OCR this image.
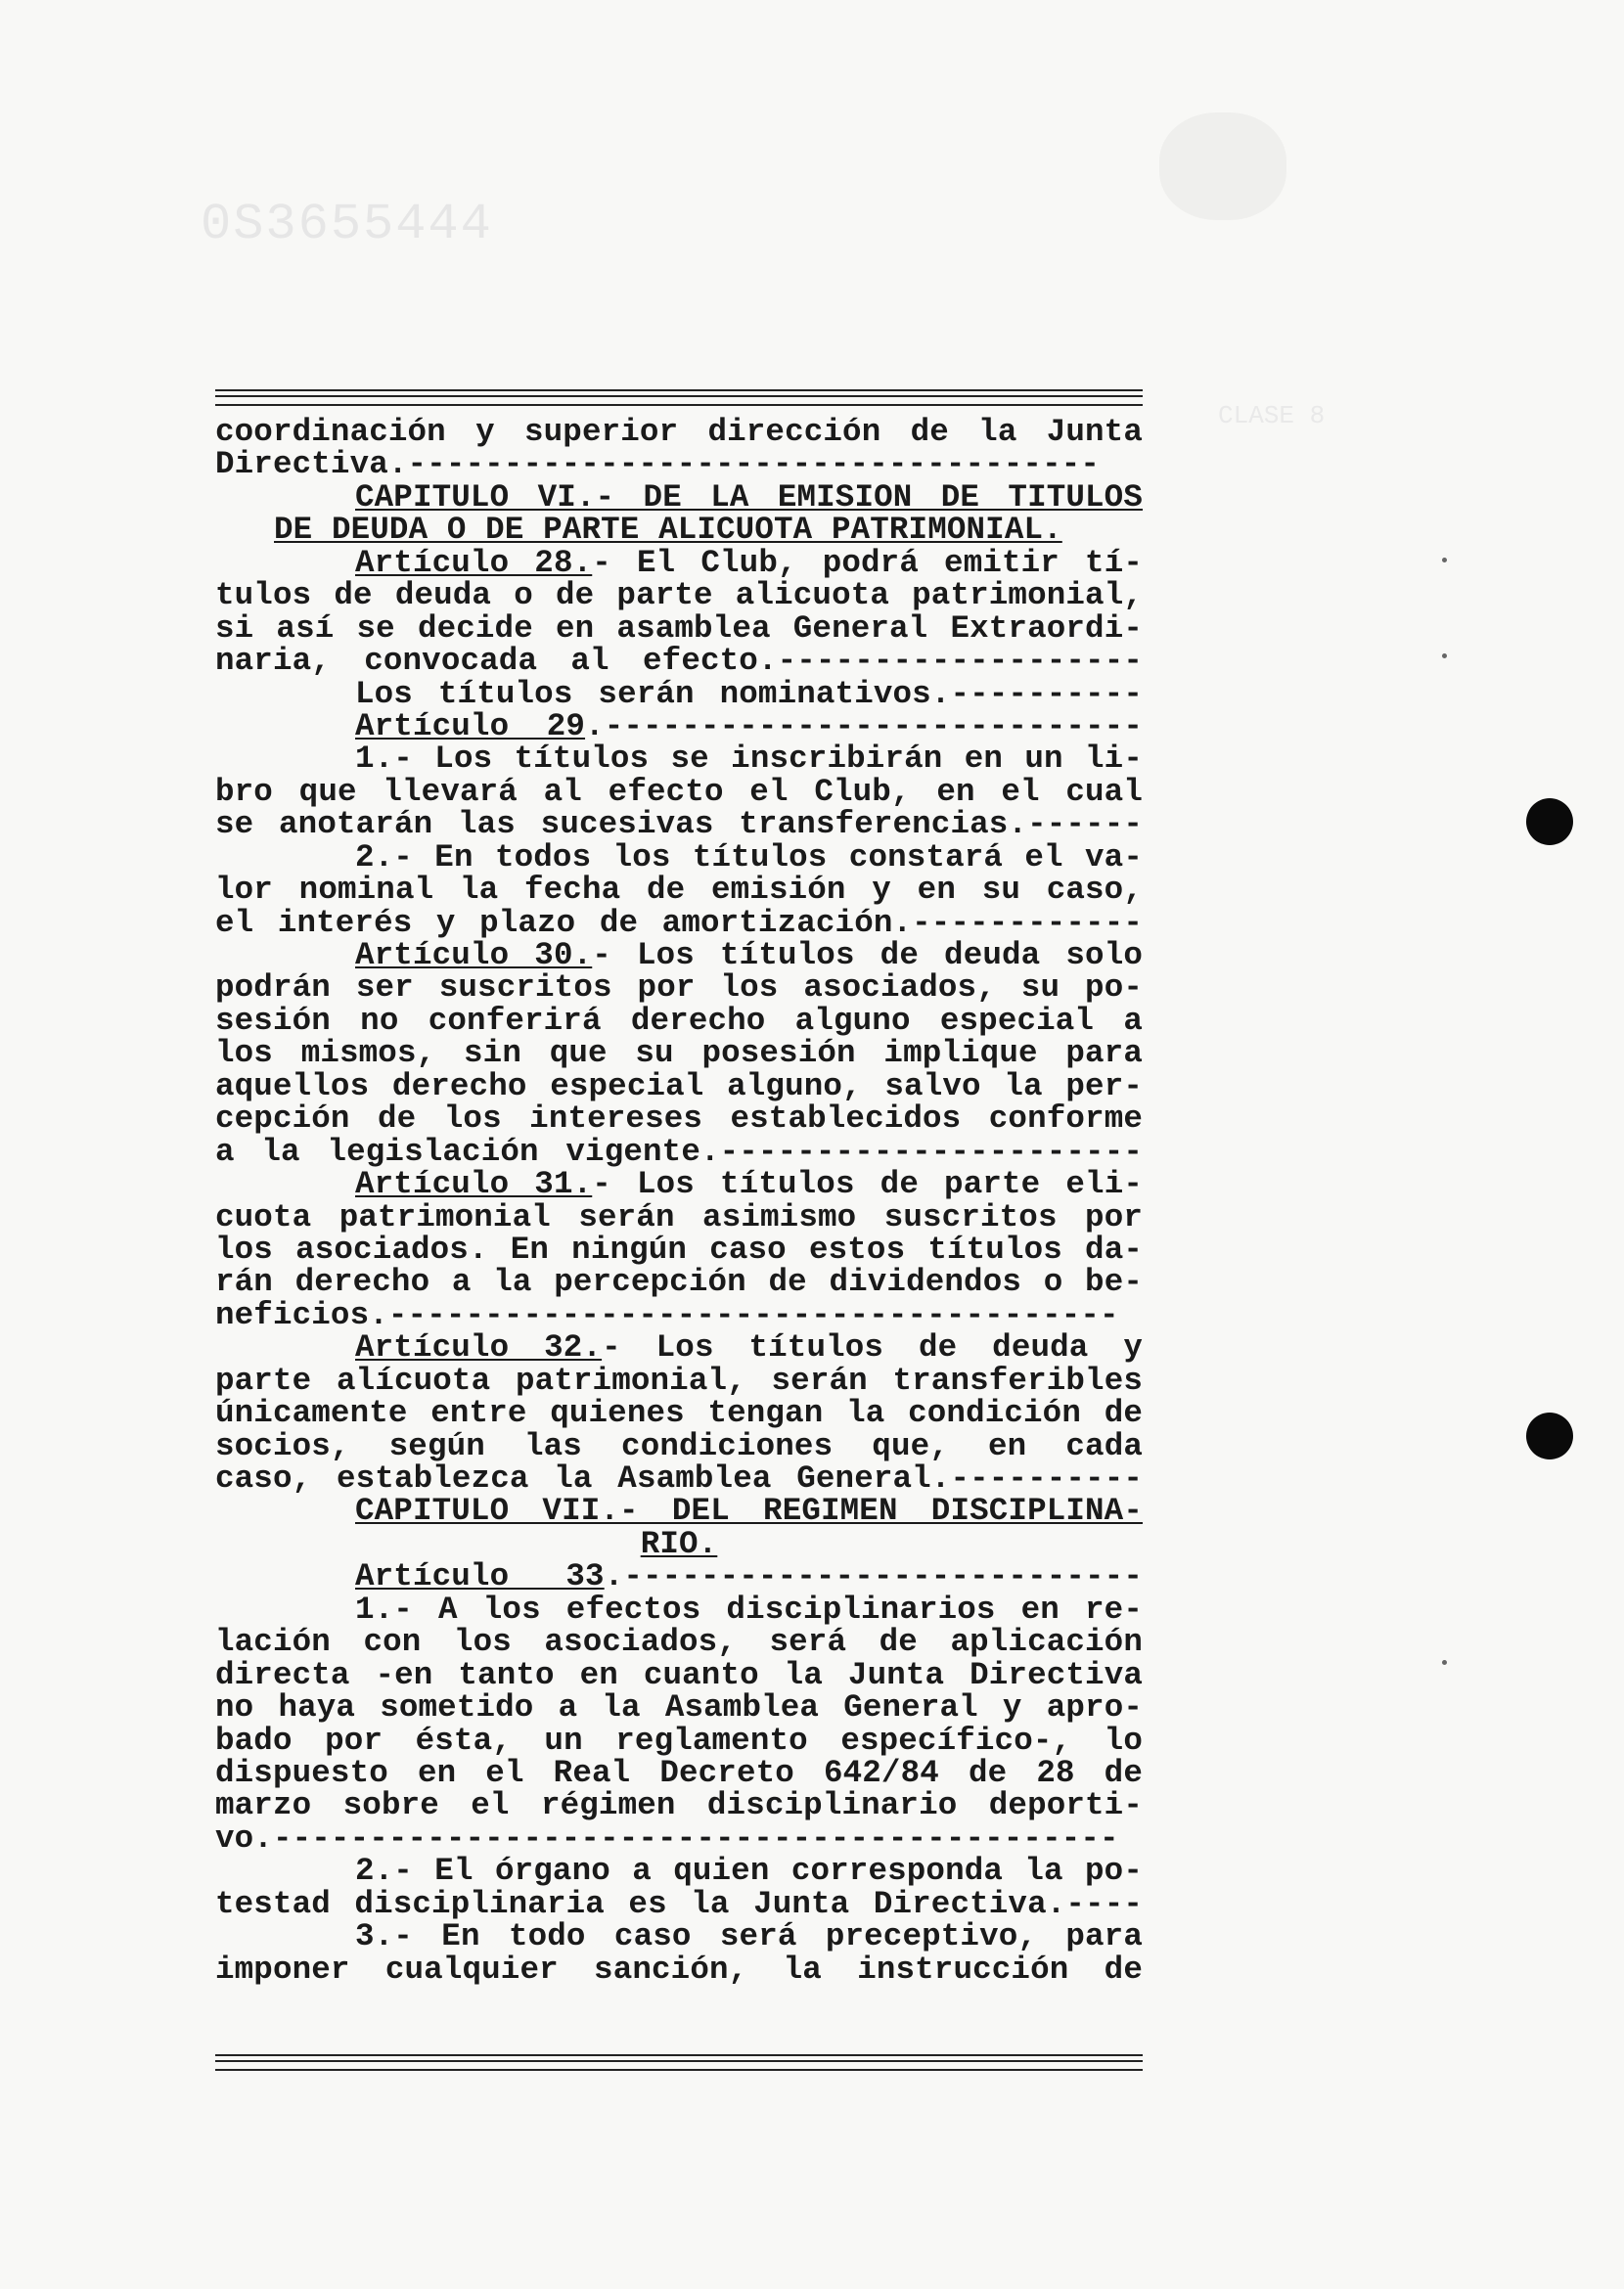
0S3655444
CLASE 8
coordinación y superior dirección de la Junta
Directiva.------------------------------------
CAPITULO VI.- DE LA EMISION DE TITULOS
DE DEUDA O DE PARTE ALICUOTA PATRIMONIAL.
Artículo 28.- El Club, podrá emitir tí-
tulos de deuda o de parte alicuota patrimonial,
si así se decide en asamblea General Extraordi-
naria, convocada al efecto.-------------------
Los títulos serán nominativos.----------
Artículo 29.----------------------------
1.- Los títulos se inscribirán en un li-
bro que llevará al efecto el Club, en el cual
se anotarán las sucesivas transferencias.------
2.- En todos los títulos constará el va-
lor nominal la fecha de emisión y en su caso,
el interés y plazo de amortización.------------
Artículo 30.- Los títulos de deuda solo
podrán ser suscritos por los asociados, su po-
sesión no conferirá derecho alguno especial a
los mismos, sin que su posesión implique para
aquellos derecho especial alguno, salvo la per-
cepción de los intereses establecidos conforme
a la legislación vigente.----------------------
Artículo 31.- Los títulos de parte eli-
cuota patrimonial serán asimismo suscritos por
los asociados. En ningún caso estos títulos da-
rán derecho a la percepción de dividendos o be-
neficios.--------------------------------------
Artículo 32.- Los títulos de deuda y
parte alícuota patrimonial, serán transferibles
únicamente entre quienes tengan la condición de
socios, según las condiciones que, en cada
caso, establezca la Asamblea General.----------
CAPITULO VII.- DEL REGIMEN DISCIPLINA-
RIO.
Artículo 33.---------------------------
1.- A los efectos disciplinarios en re-
lación con los asociados, será de aplicación
directa -en tanto en cuanto la Junta Directiva
no haya sometido a la Asamblea General y apro-
bado por ésta, un reglamento específico-, lo
dispuesto en el Real Decreto 642/84 de 28 de
marzo sobre el régimen disciplinario deporti-
vo.--------------------------------------------
2.- El órgano a quien corresponda la po-
testad disciplinaria es la Junta Directiva.----
3.- En todo caso será preceptivo, para
imponer cualquier sanción, la instrucción de
